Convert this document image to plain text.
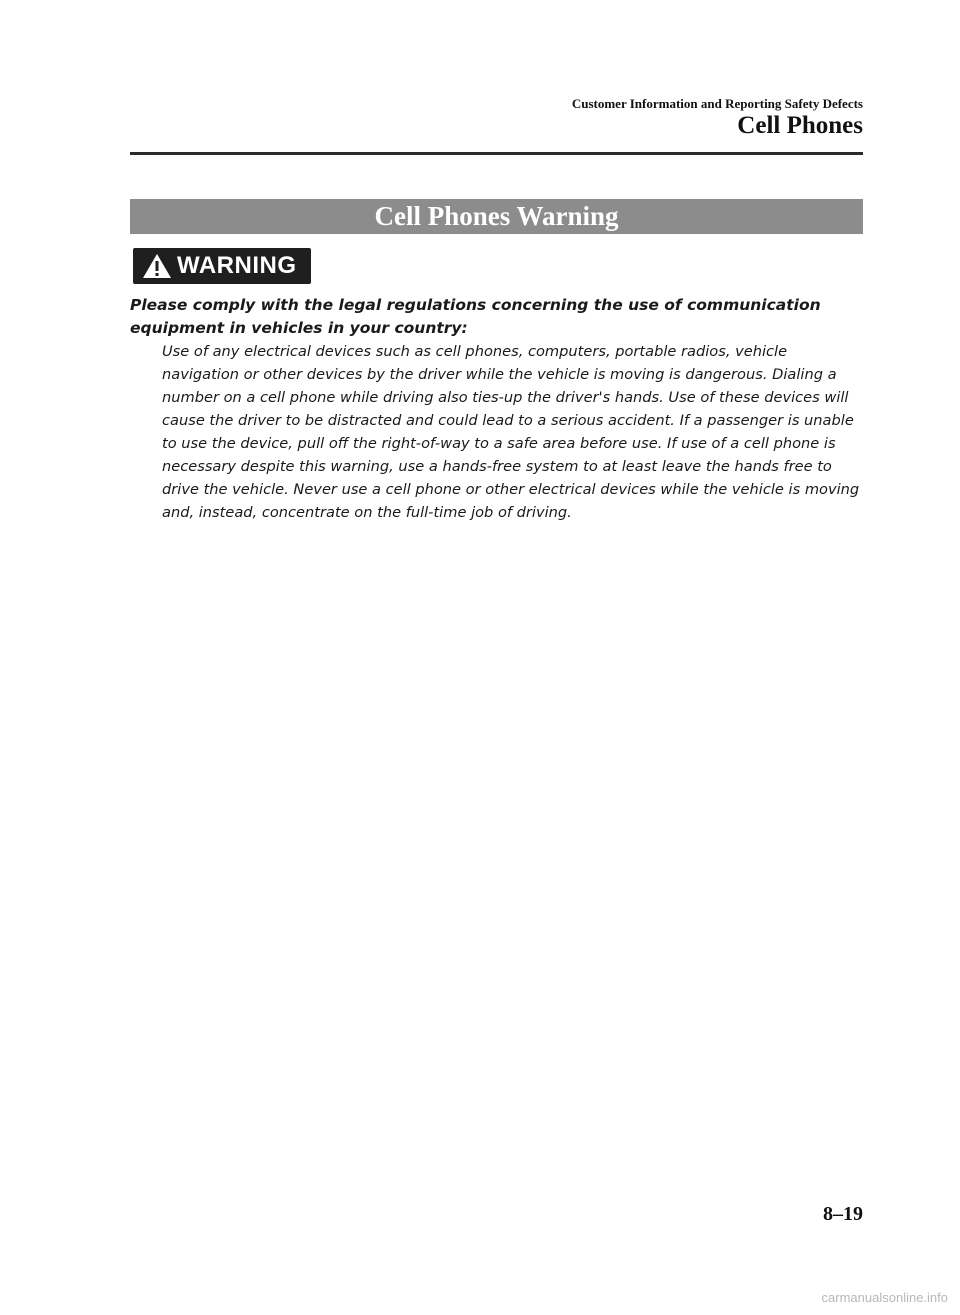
Customer Information and Reporting Safety Defects
Cell Phones
Cell Phones Warning
WARNING
Please comply with the legal regulations concerning the use of communication equipment in vehicles in your country:
Use of any electrical devices such as cell phones, computers, portable radios, vehicle navigation or other devices by the driver while the vehicle is moving is dangerous. Dialing a number on a cell phone while driving also ties-up the driver's hands. Use of these devices will cause the driver to be distracted and could lead to a serious accident. If a passenger is unable to use the device, pull off the right-of-way to a safe area before use. If use of a cell phone is necessary despite this warning, use a hands-free system to at least leave the hands free to drive the vehicle. Never use a cell phone or other electrical devices while the vehicle is moving and, instead, concentrate on the full-time job of driving.
8–19
carmanualsonline.info
